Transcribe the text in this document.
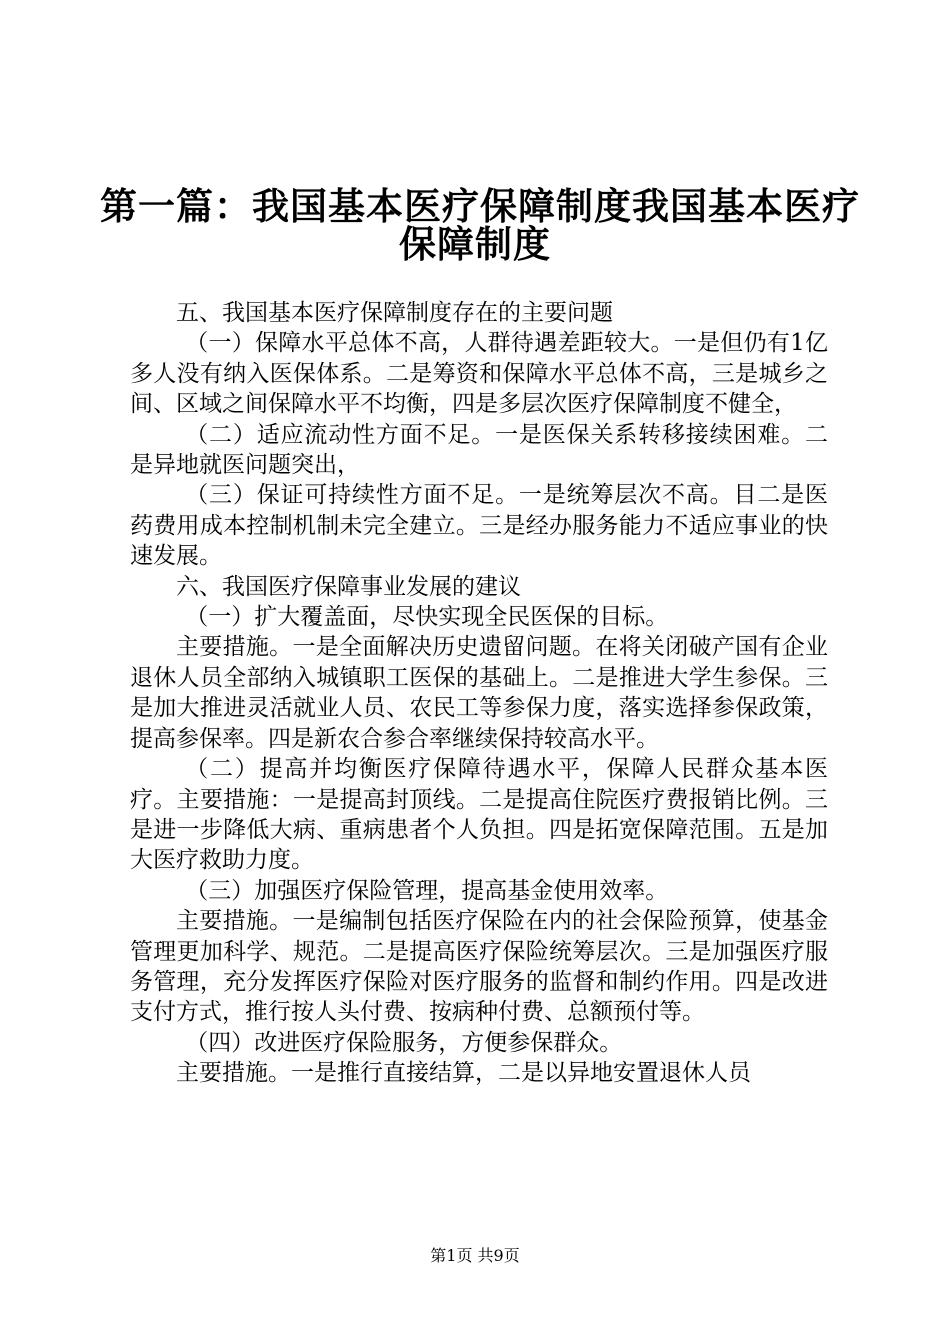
第一篇：我国基本医疗保障制度我国基本医疗
保障制度

五、我国基本医疗保障制度存在的主要问题

（一）保障水平总体不高，人群待遇差距较大。一是但仍有1亿多人没有纳入医保体系。二是筹资和保障水平总体不高，三是城乡之间、区域之间保障水平不均衡，四是多层次医疗保障制度不健全，

（二）适应流动性方面不足。一是医保关系转移接续困难。二是异地就医问题突出，

（三）保证可持续性方面不足。一是统筹层次不高。目二是医药费用成本控制机制未完全建立。三是经办服务能力不适应事业的快速发展。

六、我国医疗保障事业发展的建议

（一）扩大覆盖面，尽快实现全民医保的目标。

主要措施。一是全面解决历史遗留问题。在将关闭破产国有企业退休人员全部纳入城镇职工医保的基础上。二是推进大学生参保。三是加大推进灵活就业人员、农民工等参保力度，落实选择参保政策，提高参保率。四是新农合参合率继续保持较高水平。

（二）提高并均衡医疗保障待遇水平，保障人民群众基本医疗。主要措施：一是提高封顶线。二是提高住院医疗费报销比例。三是进一步降低大病、重病患者个人负担。四是拓宽保障范围。五是加大医疗救助力度。

（三）加强医疗保险管理，提高基金使用效率。

主要措施。一是编制包括医疗保险在内的社会保险预算，使基金管理更加科学、规范。二是提高医疗保险统筹层次。三是加强医疗服务管理，充分发挥医疗保险对医疗服务的监督和制约作用。四是改进支付方式，推行按人头付费、按病种付费、总额预付等。

（四）改进医疗保险服务，方便参保群众。

主要措施。一是推行直接结算，二是以异地安置退休人员

第1页 共9页
